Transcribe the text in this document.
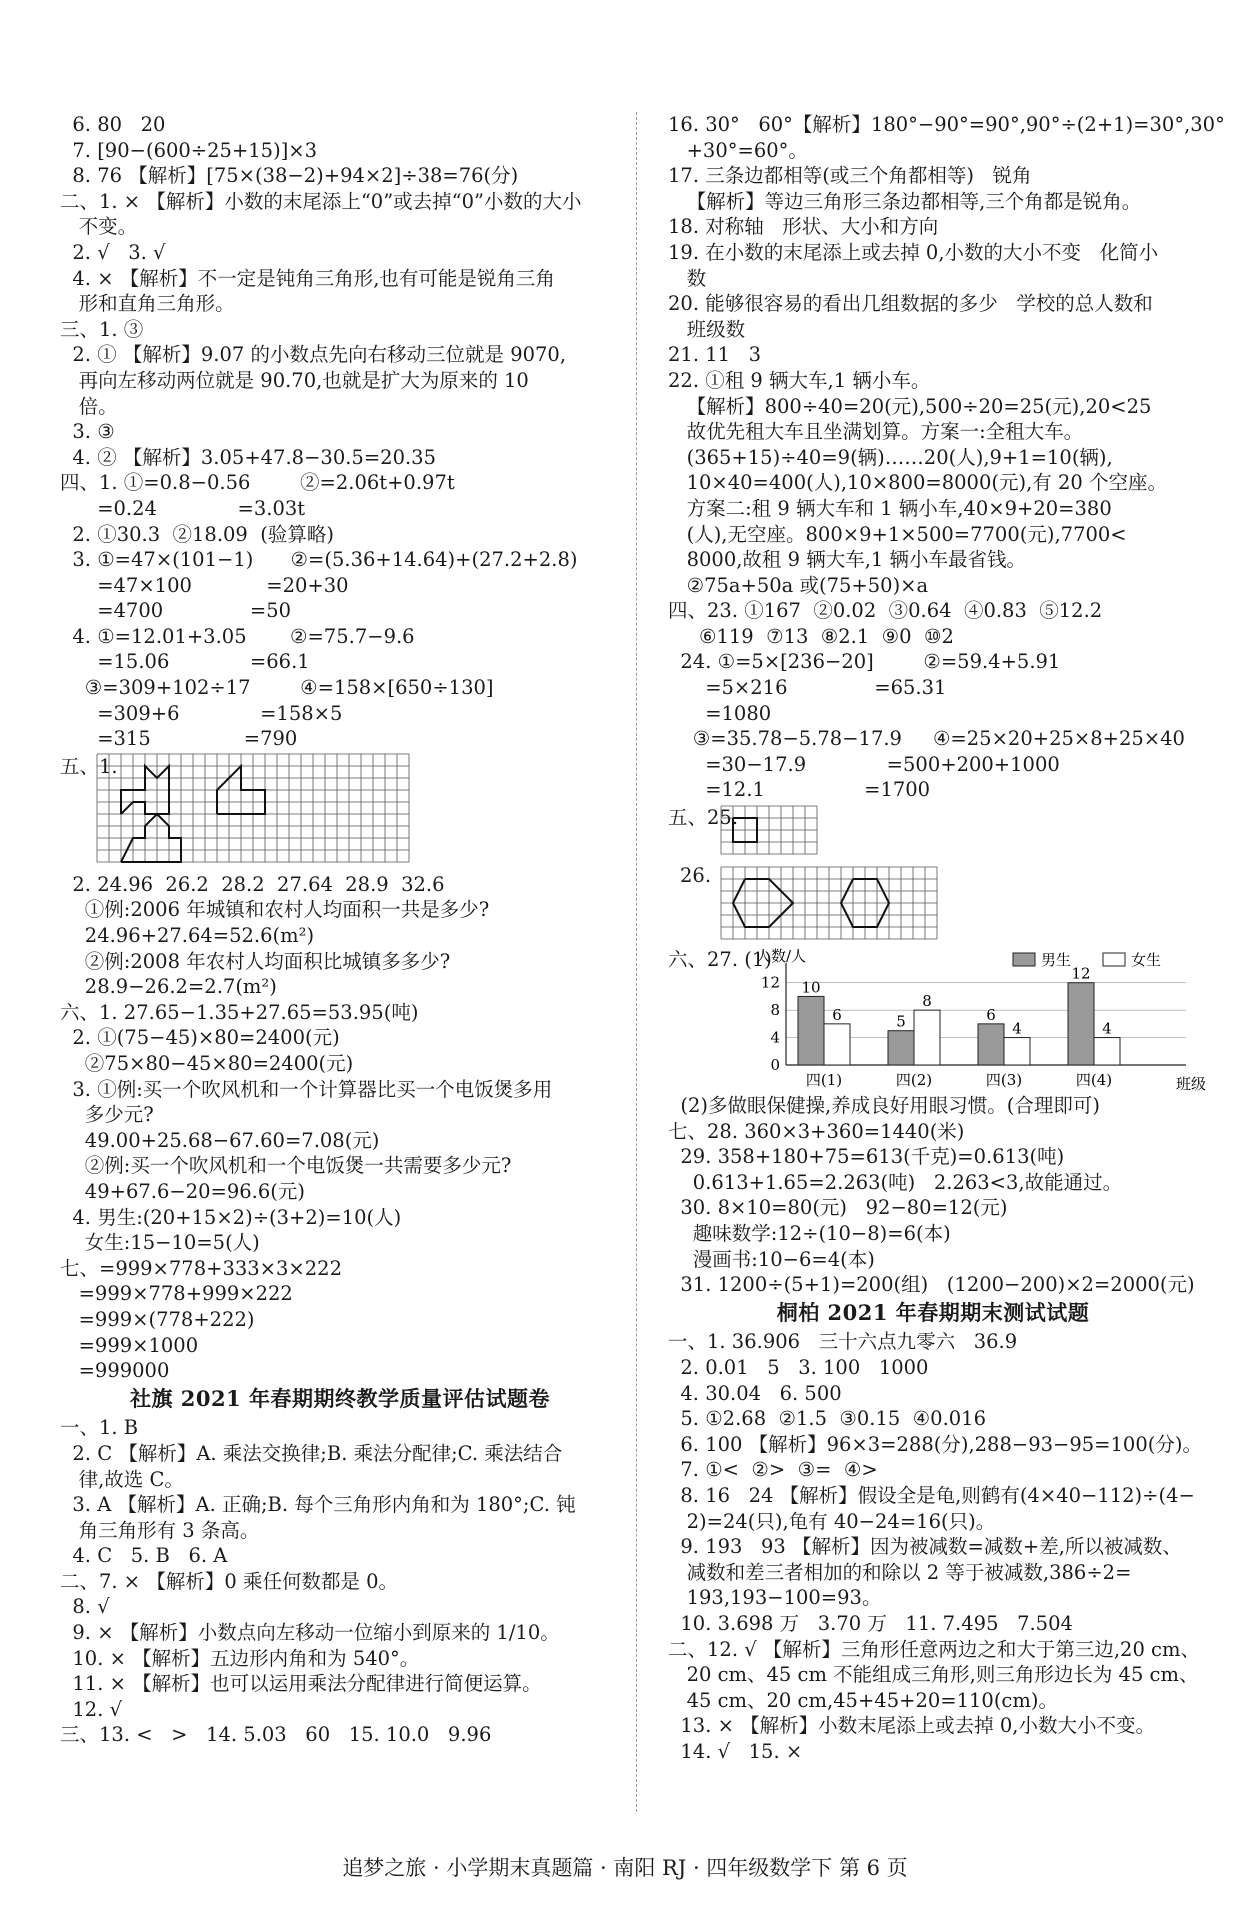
6. 80   20
7. [90−(600÷25+15)]×3
8. 76 【解析】[75×(38−2)+94×2]÷38=76(分)
二、1. × 【解析】小数的末尾添上“0”或去掉“0”小数的大小
不变。
2. √   3. √
4. × 【解析】不一定是钝角三角形,也有可能是锐角三角
形和直角三角形。
三、1. ③
2. ① 【解析】9.07 的小数点先向右移动三位就是 9070,
再向左移动两位就是 90.70,也就是扩大为原来的 10
倍。
3. ③
4. ② 【解析】3.05+47.8−30.5=20.35
四、1. ①=0.8−0.56        ②=2.06t+0.97t
=0.24             =3.03t
2. ①30.3  ②18.09  (验算略)
3. ①=47×(101−1)      ②=(5.36+14.64)+(27.2+2.8)
=47×100            =20+30
=4700              =50
4. ①=12.01+3.05       ②=75.7−9.6
=15.06             =66.1
③=309+102÷17        ④=158×[650÷130]
=309+6             =158×5
=315               =790
五、1.
2. 24.96  26.2  28.2  27.64  28.9  32.6
①例:2006 年城镇和农村人均面积一共是多少?
24.96+27.64=52.6(m²)
②例:2008 年农村人均面积比城镇多多少?
28.9−26.2=2.7(m²)
六、1. 27.65−1.35+27.65=53.95(吨)
2. ①(75−45)×80=2400(元)
②75×80−45×80=2400(元)
3. ①例:买一个吹风机和一个计算器比买一个电饭煲多用
多少元?
49.00+25.68−67.60=7.08(元)
②例:买一个吹风机和一个电饭煲一共需要多少元?
49+67.6−20=96.6(元)
4. 男生:(20+15×2)÷(3+2)=10(人)
女生:15−10=5(人)
七、=999×778+333×3×222
=999×778+999×222
=999×(778+222)
=999×1000
=999000
社旗 2021 年春期期终教学质量评估试题卷
一、1. B
2. C 【解析】A. 乘法交换律;B. 乘法分配律;C. 乘法结合
律,故选 C。
3. A 【解析】A. 正确;B. 每个三角形内角和为 180°;C. 钝
角三角形有 3 条高。
4. C   5. B   6. A
二、7. × 【解析】0 乘任何数都是 0。
8. √
9. × 【解析】小数点向左移动一位缩小到原来的 1/10。
10. × 【解析】五边形内角和为 540°。
11. × 【解析】也可以运用乘法分配律进行简便运算。
12. √
三、13. <   >   14. 5.03   60   15. 10.0   9.96
16. 30°   60°【解析】180°−90°=90°,90°÷(2+1)=30°,30°
+30°=60°。
17. 三条边都相等(或三个角都相等)   锐角
【解析】等边三角形三条边都相等,三个角都是锐角。
18. 对称轴   形状、大小和方向
19. 在小数的末尾添上或去掉 0,小数的大小不变   化简小
数
20. 能够很容易的看出几组数据的多少   学校的总人数和
班级数
21. 11   3
22. ①租 9 辆大车,1 辆小车。
【解析】800÷40=20(元),500÷20=25(元),20<25
故优先租大车且坐满划算。方案一:全租大车。
(365+15)÷40=9(辆)……20(人),9+1=10(辆),
10×40=400(人),10×800=8000(元),有 20 个空座。
方案二:租 9 辆大车和 1 辆小车,40×9+20=380
(人),无空座。800×9+1×500=7700(元),7700<
8000,故租 9 辆大车,1 辆小车最省钱。
②75a+50a 或(75+50)×a
四、23. ①167  ②0.02  ③0.64  ④0.83  ⑤12.2
⑥119  ⑦13  ⑧2.1  ⑨0  ⑩2
24. ①=5×[236−20]        ②=59.4+5.91
=5×216              =65.31
=1080
③=35.78−5.78−17.9     ④=25×20+25×8+25×40
=30−17.9             =500+200+1000
=12.1                =1700
五、25.
26.
六、27. (1)
0
4
8
12
人数/人
班级
10
6
四(1)
5
8
四(2)
6
4
四(3)
12
4
四(4)
男生	女生
(2)多做眼保健操,养成良好用眼习惯。(合理即可)
七、28. 360×3+360=1440(米)
29. 358+180+75=613(千克)=0.613(吨)
0.613+1.65=2.263(吨)   2.263<3,故能通过。
30. 8×10=80(元)   92−80=12(元)
趣味数学:12÷(10−8)=6(本)
漫画书:10−6=4(本)
31. 1200÷(5+1)=200(组)   (1200−200)×2=2000(元)
桐柏 2021 年春期期末测试试题
一、1. 36.906   三十六点九零六   36.9
2. 0.01   5   3. 100   1000
4. 30.04   6. 500
5. ①2.68  ②1.5  ③0.15  ④0.016
6. 100 【解析】96×3=288(分),288−93−95=100(分)。
7. ①<  ②>  ③=  ④>
8. 16   24 【解析】假设全是龟,则鹤有(4×40−112)÷(4−
2)=24(只),龟有 40−24=16(只)。
9. 193   93 【解析】因为被减数=减数+差,所以被减数、
减数和差三者相加的和除以 2 等于被减数,386÷2=
193,193−100=93。
10. 3.698 万   3.70 万   11. 7.495   7.504
二、12. √ 【解析】三角形任意两边之和大于第三边,20 cm、
20 cm、45 cm 不能组成三角形,则三角形边长为 45 cm、
45 cm、20 cm,45+45+20=110(cm)。
13. × 【解析】小数末尾添上或去掉 0,小数大小不变。
14. √   15. ×
追梦之旅 · 小学期末真题篇 · 南阳 RJ · 四年级数学下 第 6 页
